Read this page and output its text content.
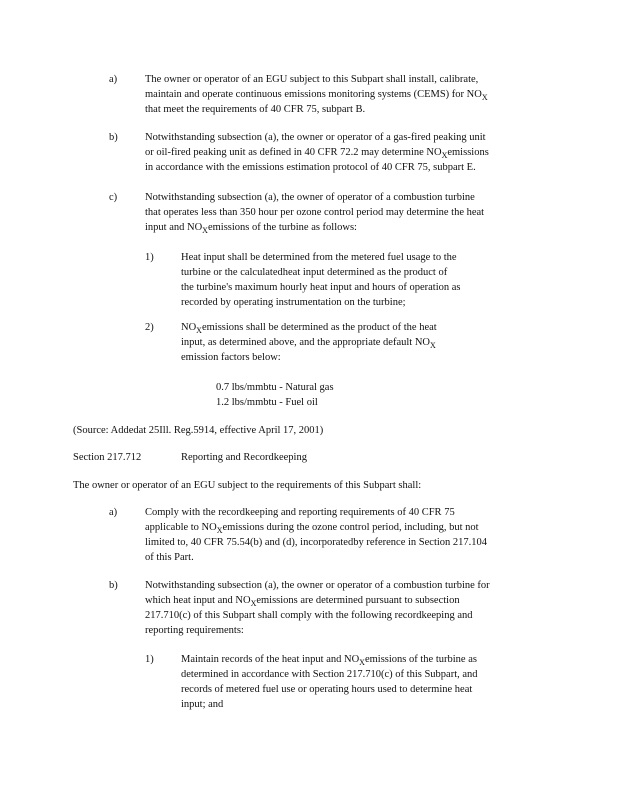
a)	The owner or operator of an EGU subject to this Subpart shall install, calibrate,

maintain and operate continuous emissions monitoring systems (CEMS) for $NO_X$

that meet the requirements of 40 CFR 75, subpart B.

b)	Notwithstanding subsection (a), the owner or operator of a gas-fired peaking unit

or oil-fired peaking unit as defined in 40 CFR 72.2 may determine $NO_Xemissions$

in accordance with the emissions estimation protocol of 40 CFR 75, subpart E.

c)	Notwithstanding subsection (a), the owner of operator of a combustion turbine

that operates less than 350 hour per ozone control period may determine the heat

input and $NO_Xemissions$ of the turbine as follows:

1)	Heat input shall be determined from the metered fuel usage to the

turbine or the calculatedheat input determined as the product of

the turbine's maximum hourly heat input and hours of operation as

recorded by operating instrumentation on the turbine;

2)	$NO_Xemissions$ shall be determined as the product of the heat

input, as determined above, and the appropriate default $NO_X$

emission factors below:

0.7 lbs/mmbtu - Natural gas

1.2 lbs/mmbtu - Fuel oil

(Source: Addedat 25Ill. Reg.5914, effective April 17, 2001)

Section 217.712	Reporting and Recordkeeping

The owner or operator of an EGU subject to the requirements of this Subpart shall:

a)	Comply with the recordkeeping and reporting requirements of 40 CFR 75

applicable to $NO_Xemissions$ during the ozone control period, including, but not

limited to, 40 CFR 75.54(b) and (d), incorporatedby reference in Section 217.104

of this Part.

b)	Notwithstanding subsection (a), the owner or operator of a combustion turbine for

which heat input and $NO_Xemissions$ are determined pursuant to subsection

217.710(c) of this Subpart shall comply with the following recordkeeping and

reporting requirements:

1)	Maintain records of the heat input and $NO_Xemissions$ of the turbine as

determined in accordance with Section 217.710(c) of this Subpart, and

records of metered fuel use or operating hours used to determine heat

input; and
